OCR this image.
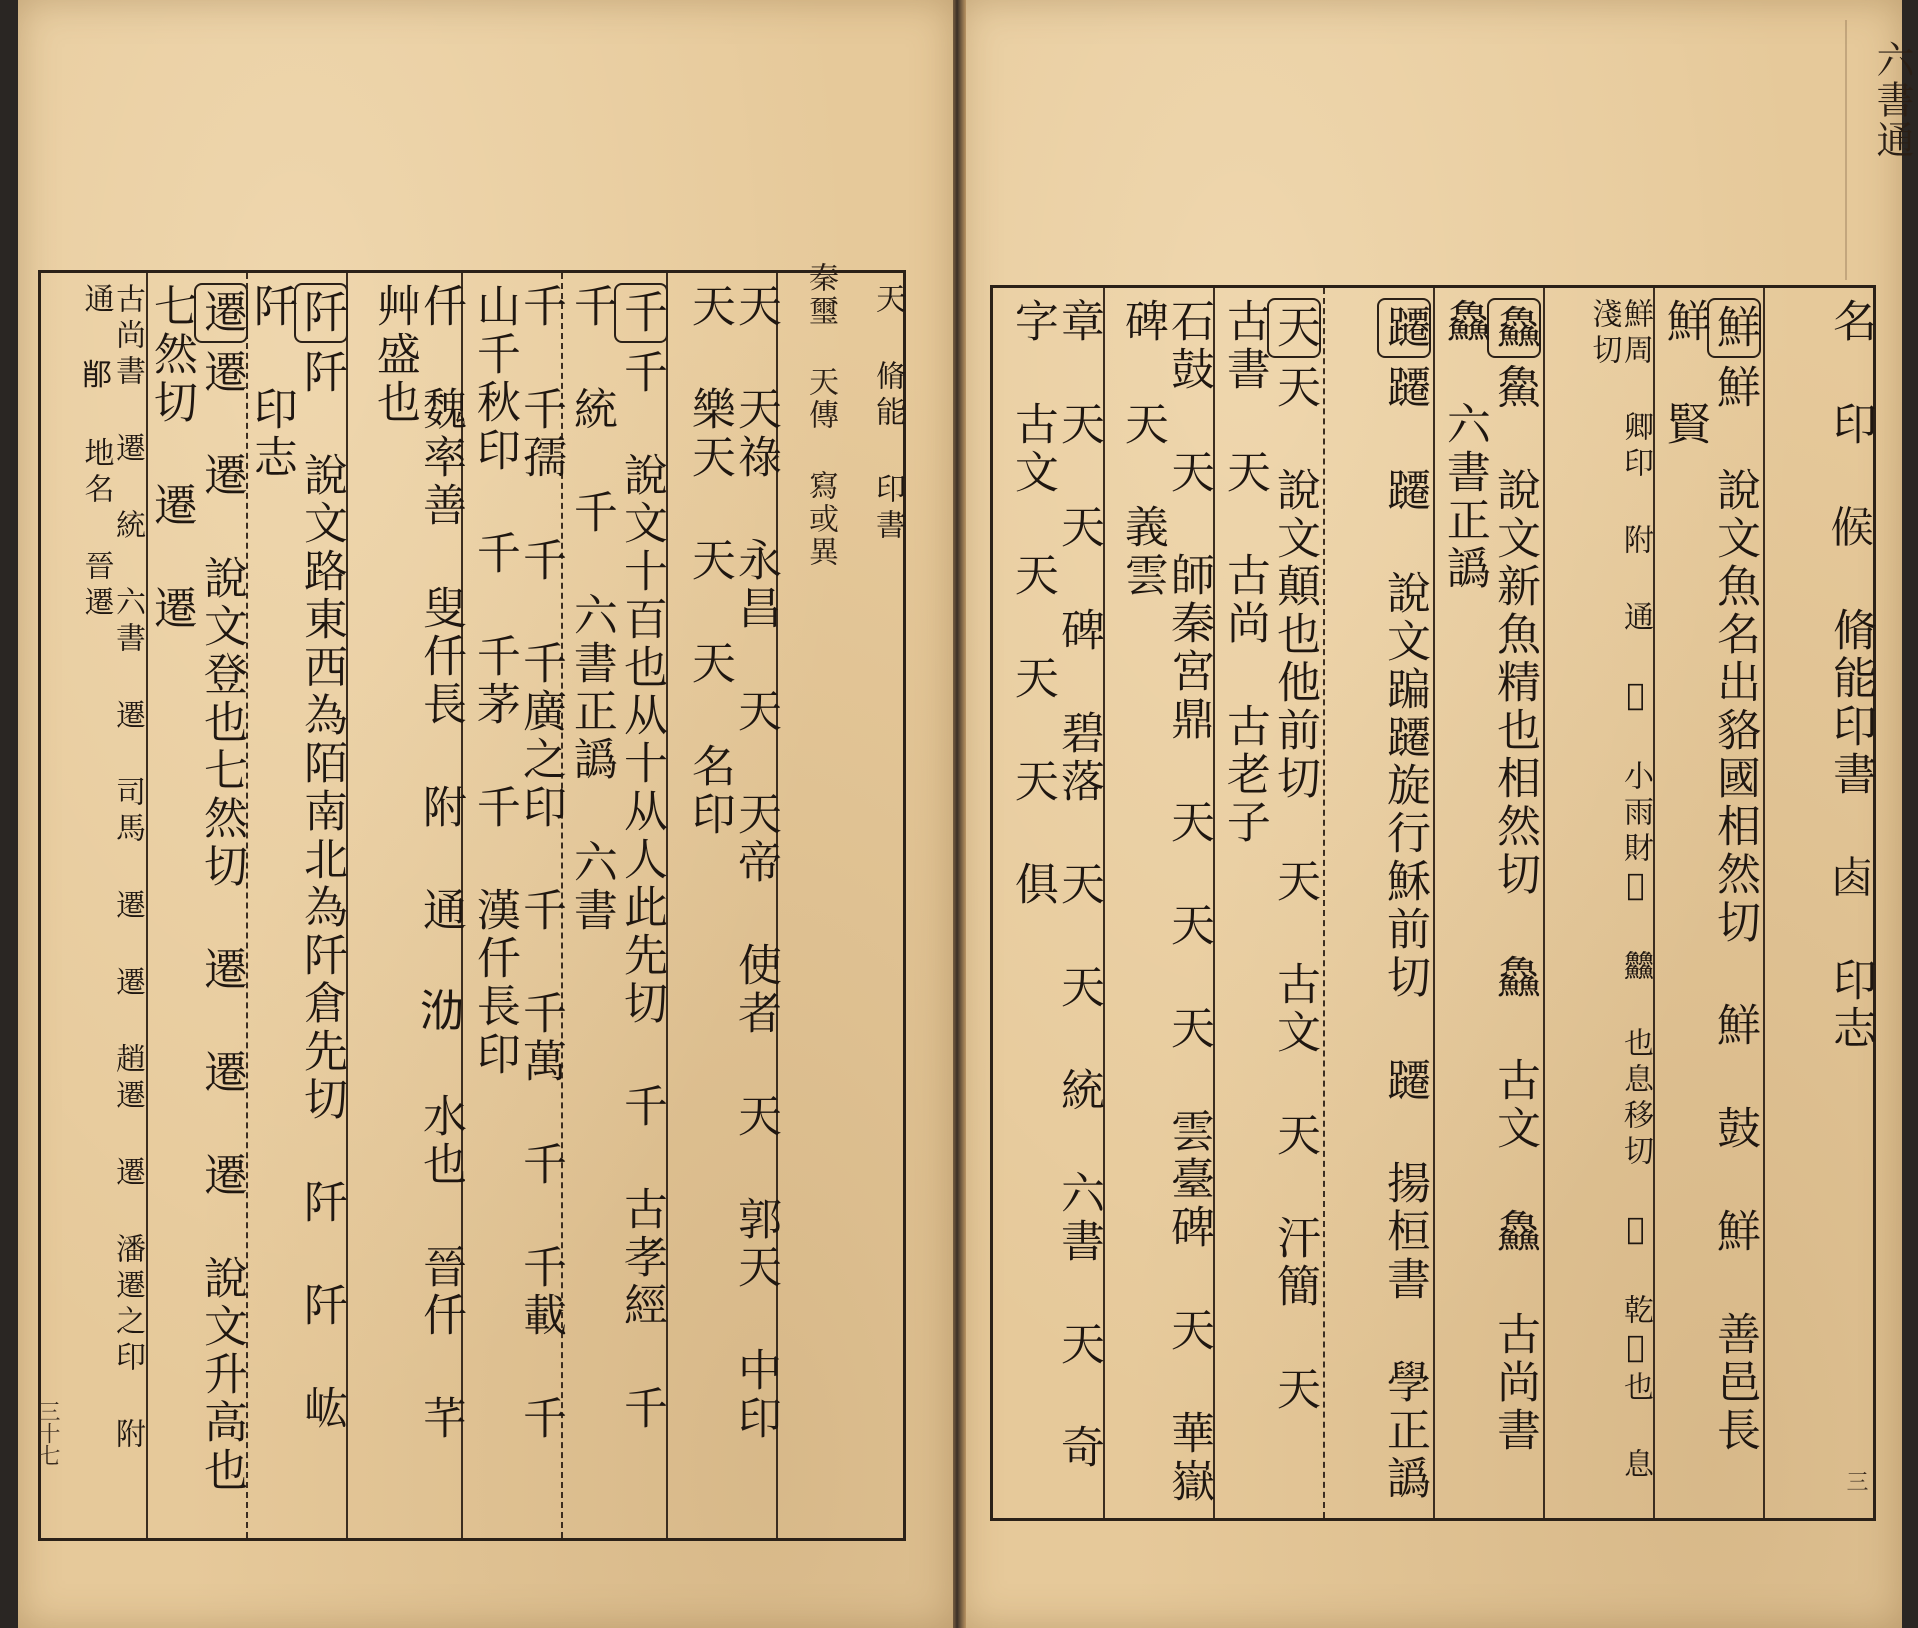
六書通
名 印 𠋫 脩能印書 𠧪 印志
鮮鮮 說文魚名出貉國相然切 鮮 鼓 鮮 善邑長 鮮 賢
鮮周 卿印 附 通 𩆦 小雨財𥷧 䲜 也息移切 𩆦 乾𩗟也 息淺切
鱻𩺰 說文新魚精也相然切 鱻 古文 鱻 古尚書 鱻 六書正譌
躚躚 躚 說文蹁躚旋行穌前切 躚 揚桓書 學正譌
天天 說文顛也他前切 天 古文 天 汗簡 天 古書 天 古尚 古老子
石鼓 天 師秦宮鼎 天 天 天 雲臺碑 天 華嶽碑 天 義雲
章 天 天 碑 碧落 天 天 統 六書 天 奇字 古文 天 天 天 俱
三
秦璽 天傳 寫或異	天 脩能 印書
天 天祿 永昌 天 天帝 使者 天 郭天 中印 天 樂天 天 天 名印
千千 說文十百也从十从人此先切 千 古孝經 千 千 統 千 六書正譌 六書
千 千孺 千 千廣之印 千 千萬 千 千載 千 山千秋印 千 千茅 千 漢仟長印
仟 魏率善 叟仟長 附 通 𣲒 水也 晉仟 芊 艸盛也
阡阡 說文路東西為陌南北為阡倉先切 阡 阡 𡵓 阡 印志
遷遷 遷 說文登也七然切 遷 遷 遷 說文升高也七然切 遷 遷
古尚書 遷 統 六書 遷 司馬 遷 遷 趙遷 遷 潘遷之印 附 通 𨛍 地名 晉遷
三十七
